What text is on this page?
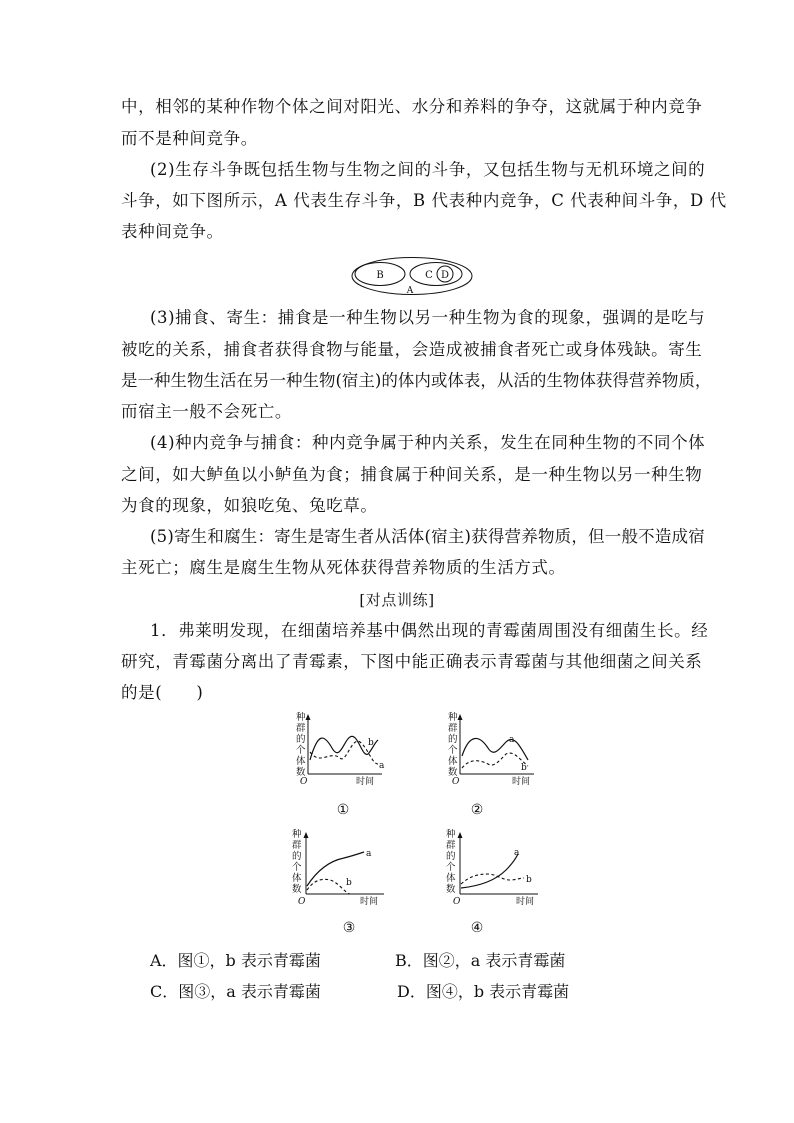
中，相邻的某种作物个体之间对阳光、水分和养料的争夺，这就属于种内竞争
而不是种间竞争。
(2)生存斗争既包括生物与生物之间的斗争，又包括生物与无机环境之间的
斗争，如下图所示，A 代表生存斗争，B 代表种内竞争，C 代表种间斗争，D 代
表种间竞争。
B	C D
A
(3)捕食、寄生：捕食是一种生物以另一种生物为食的现象，强调的是吃与
被吃的关系，捕食者获得食物与能量，会造成被捕食者死亡或身体残缺。寄生
是一种生物生活在另一种生物(宿主)的体内或体表，从活的生物体获得营养物质，
而宿主一般不会死亡。
(4)种内竞争与捕食：种内竞争属于种内关系，发生在同种生物的不同个体
之间，如大鲈鱼以小鲈鱼为食；捕食属于种间关系，是一种生物以另一种生物
为食的现象，如狼吃兔、兔吃草。
(5)寄生和腐生：寄生是寄生者从活体(宿主)获得营养物质，但一般不造成宿
主死亡；腐生是腐生生物从死体获得营养物质的生活方式。
[对点训练]
1．弗莱明发现，在细菌培养基中偶然出现的青霉菌周围没有细菌生长。经
研究，青霉菌分离出了青霉素，下图中能正确表示青霉菌与其他细菌之间关系
的是(　　)
种
群
的
个
体
数
O	时间
b
a
①
种
群
的
个
体
数
O	时间
a
b
②
种
群
的
个
体
数
O	时间
a
b
③
种
群
的
个
体
数
O	时间
a
b
④
A．图①，b 表示青霉菌	B．图②，a 表示青霉菌
C．图③，a 表示青霉菌	D．图④，b 表示青霉菌
